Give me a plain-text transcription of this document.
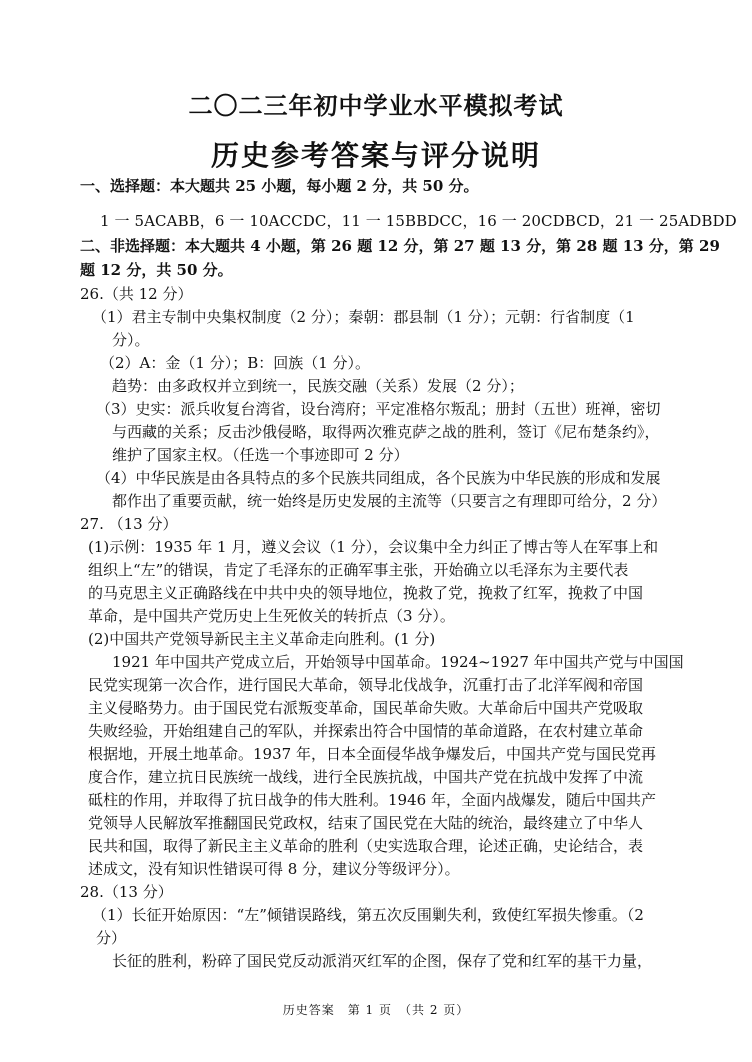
二〇二三年初中学业水平模拟考试
历史参考答案与评分说明
一、选择题：本大题共 25 小题，每小题 2 分，共 50 分。
1 一 5ACABB，6 一 10ACCDC，11 一 15BBDCC，16 一 20CDBCD，21 一 25ADBDD
二、非选择题：本大题共 4 小题，第 26 题 12 分，第 27 题 13 分，第 28 题 13 分，第 29
题 12 分，共 50 分。
26.（共 12 分）
（1）君主专制中央集权制度（2 分）；秦朝：郡县制（1 分）；元朝：行省制度（1
分）。
（2）A：金（1 分）；B：回族（1 分）。
趋势：由多政权并立到统一，民族交融（关系）发展（2 分）；
（3）史实：派兵收复台湾省，设台湾府；平定准格尔叛乱；册封（五世）班禅，密切
与西藏的关系；反击沙俄侵略，取得两次雅克萨之战的胜利，签订《尼布楚条约》，
维护了国家主权。（任选一个事迹即可 2 分）
（4）中华民族是由各具特点的多个民族共同组成，各个民族为中华民族的形成和发展
都作出了重要贡献，统一始终是历史发展的主流等（只要言之有理即可给分，2 分）
27. （13 分）
(1)示例：1935 年 1 月，遵义会议（1 分），会议集中全力纠正了博古等人在军事上和
组织上“左”的错误，肯定了毛泽东的正确军事主张，开始确立以毛泽东为主要代表
的马克思主义正确路线在中共中央的领导地位，挽救了党，挽救了红军，挽救了中国
革命，是中国共产党历史上生死攸关的转折点（3 分）。
(2)中国共产党领导新民主主义革命走向胜利。(1 分)
1921 年中国共产党成立后，开始领导中国革命。1924~1927 年中国共产党与中国国
民党实现第一次合作，进行国民大革命，领导北伐战争，沉重打击了北洋军阀和帝国
主义侵略势力。由于国民党右派叛变革命，国民革命失败。大革命后中国共产党吸取
失败经验，开始组建自己的军队，并探索出符合中国情的革命道路，在农村建立革命
根据地，开展土地革命。1937 年，日本全面侵华战争爆发后，中国共产党与国民党再
度合作，建立抗日民族统一战线，进行全民族抗战，中国共产党在抗战中发挥了中流
砥柱的作用，并取得了抗日战争的伟大胜利。1946 年，全面内战爆发，随后中国共产
党领导人民解放军推翻国民党政权，结束了国民党在大陆的统治，最终建立了中华人
民共和国，取得了新民主主义革命的胜利（史实选取合理，论述正确，史论结合，表
述成文，没有知识性错误可得 8 分，建议分等级评分）。
28.（13 分）
（1）长征开始原因：“左”倾错误路线，第五次反围剿失利，致使红军损失惨重。（2
分）
长征的胜利，粉碎了国民党反动派消灭红军的企图，保存了党和红军的基干力量，
历史答案　第 1 页　（共 2 页）
